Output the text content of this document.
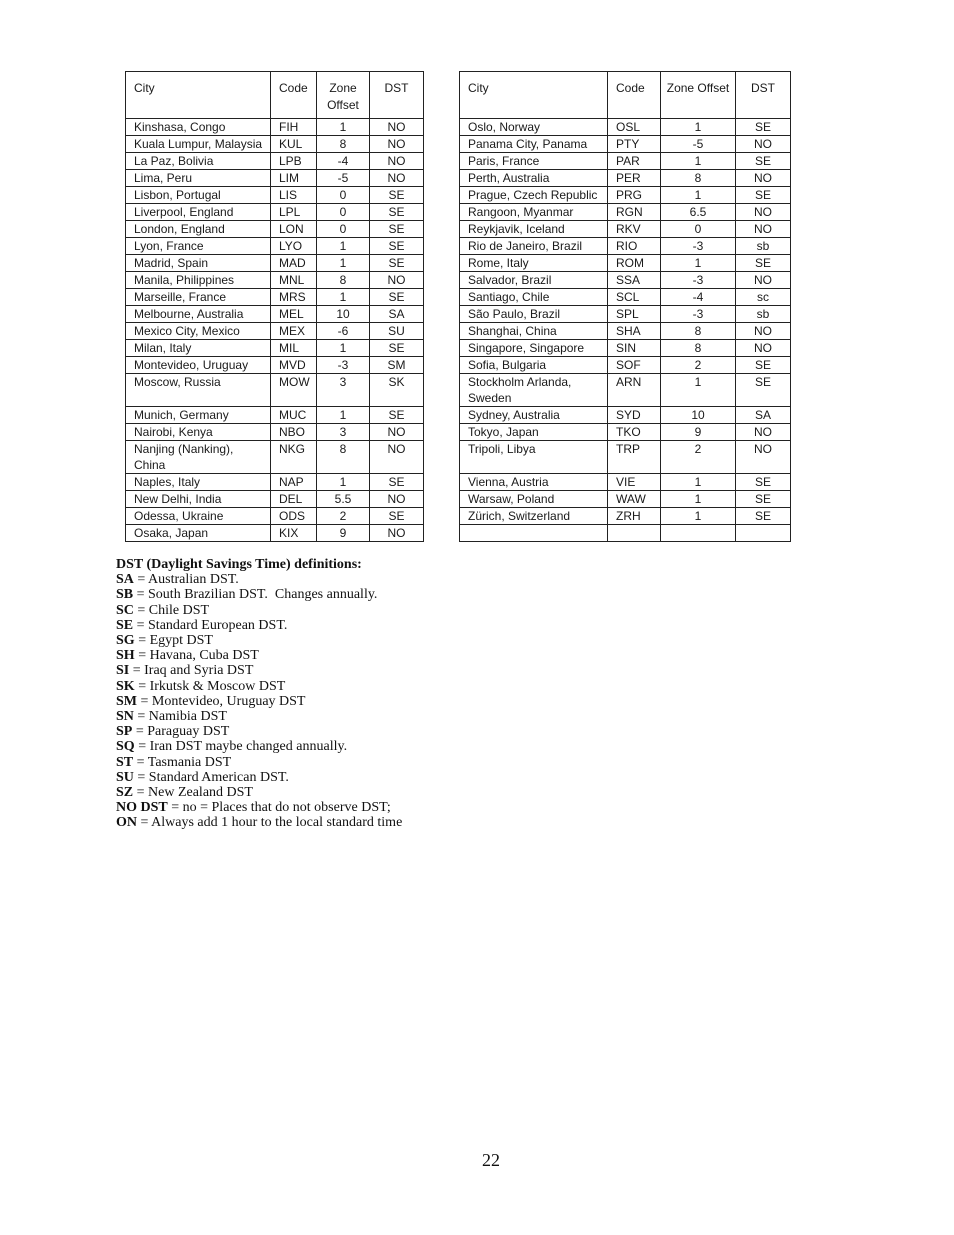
City	Code	Zone Offset	DST
Kinshasa, Congo	FIH	1	NO
Kuala Lumpur, Malaysia	KUL	8	NO
La Paz, Bolivia	LPB	-4	NO
Lima, Peru	LIM	-5	NO
Lisbon, Portugal	LIS	0	SE
Liverpool, England	LPL	0	SE
London, England	LON	0	SE
Lyon, France	LYO	1	SE
Madrid, Spain	MAD	1	SE
Manila, Philippines	MNL	8	NO
Marseille, France	MRS	1	SE
Melbourne, Australia	MEL	10	SA
Mexico City, Mexico	MEX	-6	SU
Milan, Italy	MIL	1	SE
Montevideo, Uruguay	MVD	-3	SM
Moscow, Russia	MOW	3	SK
Munich, Germany	MUC	1	SE
Nairobi, Kenya	NBO	3	NO
Nanjing (Nanking), China	NKG	8	NO
Naples, Italy	NAP	1	SE
New Delhi, India	DEL	5.5	NO
Odessa, Ukraine	ODS	2	SE
Osaka, Japan	KIX	9	NO
City	Code	Zone Offset	DST
Oslo, Norway	OSL	1	SE
Panama City, Panama	PTY	-5	NO
Paris, France	PAR	1	SE
Perth, Australia	PER	8	NO
Prague, Czech Republic	PRG	1	SE
Rangoon, Myanmar	RGN	6.5	NO
Reykjavik, Iceland	RKV	0	NO
Rio de Janeiro, Brazil	RIO	-3	sb
Rome, Italy	ROM	1	SE
Salvador, Brazil	SSA	-3	NO
Santiago, Chile	SCL	-4	sc
São Paulo, Brazil	SPL	-3	sb
Shanghai, China	SHA	8	NO
Singapore, Singapore	SIN	8	NO
Sofia, Bulgaria	SOF	2	SE
Stockholm Arlanda, Sweden	ARN	1	SE
Sydney, Australia	SYD	10	SA
Tokyo, Japan	TKO	9	NO
Tripoli, Libya	TRP	2	NO
Vienna, Austria	VIE	1	SE
Warsaw, Poland	WAW	1	SE
Zürich, Switzerland	ZRH	1	SE

DST (Daylight Savings Time) definitions:
SA = Australian DST.
SB = South Brazilian DST.  Changes annually.
SC = Chile DST
SE = Standard European DST.
SG = Egypt DST
SH = Havana, Cuba DST
SI = Iraq and Syria DST
SK = Irkutsk & Moscow DST
SM = Montevideo, Uruguay DST
SN = Namibia DST
SP = Paraguay DST
SQ = Iran DST maybe changed annually.
ST = Tasmania DST
SU = Standard American DST.
SZ = New Zealand DST
NO DST = no = Places that do not observe DST;
ON = Always add 1 hour to the local standard time
22
